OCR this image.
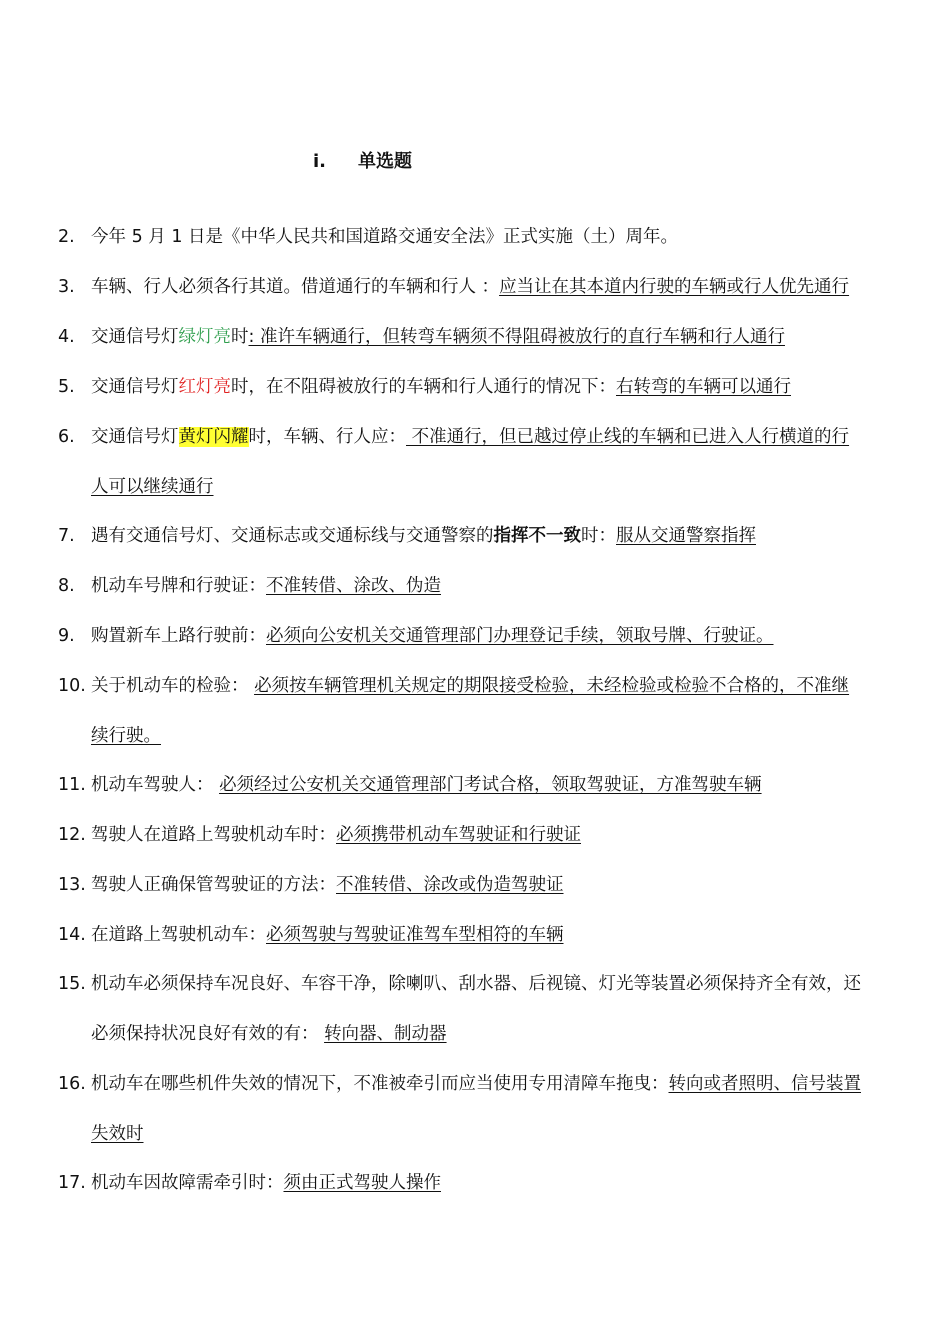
i. 单选题
2. 今年 5 月 1 日是《中华人民共和国道路交通安全法》正式实施（土）周年。
3. 车辆、行人必须各行其道。借道通行的车辆和行人 ：应当让在其本道内行驶的车辆或行人优先通行
4. 交通信号灯绿灯亮时: 准许车辆通行，但转弯车辆须不得阻碍被放行的直行车辆和行人通行
5. 交通信号灯红灯亮时，在不阻碍被放行的车辆和行人通行的情况下：右转弯的车辆可以通行
6. 交通信号灯黄灯闪耀时，车辆、行人应： 不准通行，但已越过停止线的车辆和已进入人行横道的行
人可以继续通行
7. 遇有交通信号灯、交通标志或交通标线与交通警察的指挥不一致时：服从交通警察指挥
8. 机动车号牌和行驶证：不准转借、涂改、伪造
9. 购置新车上路行驶前：必须向公安机关交通管理部门办理登记手续，领取号牌、行驶证。
10. 关于机动车的检验： 必须按车辆管理机关规定的期限接受检验，未经检验或检验不合格的，不准继
续行驶。
11. 机动车驾驶人： 必须经过公安机关交通管理部门考试合格，领取驾驶证，方准驾驶车辆
12. 驾驶人在道路上驾驶机动车时：必须携带机动车驾驶证和行驶证
13. 驾驶人正确保管驾驶证的方法：不准转借、涂改或伪造驾驶证
14. 在道路上驾驶机动车：必须驾驶与驾驶证准驾车型相符的车辆
15. 机动车必须保持车况良好、车容干净，除喇叭、刮水器、后视镜、灯光等装置必须保持齐全有效，还
必须保持状况良好有效的有： 转向器、制动器
16. 机动车在哪些机件失效的情况下，不准被牵引而应当使用专用清障车拖曳：转向或者照明、信号装置
失效时
17. 机动车因故障需牵引时：须由正式驾驶人操作
